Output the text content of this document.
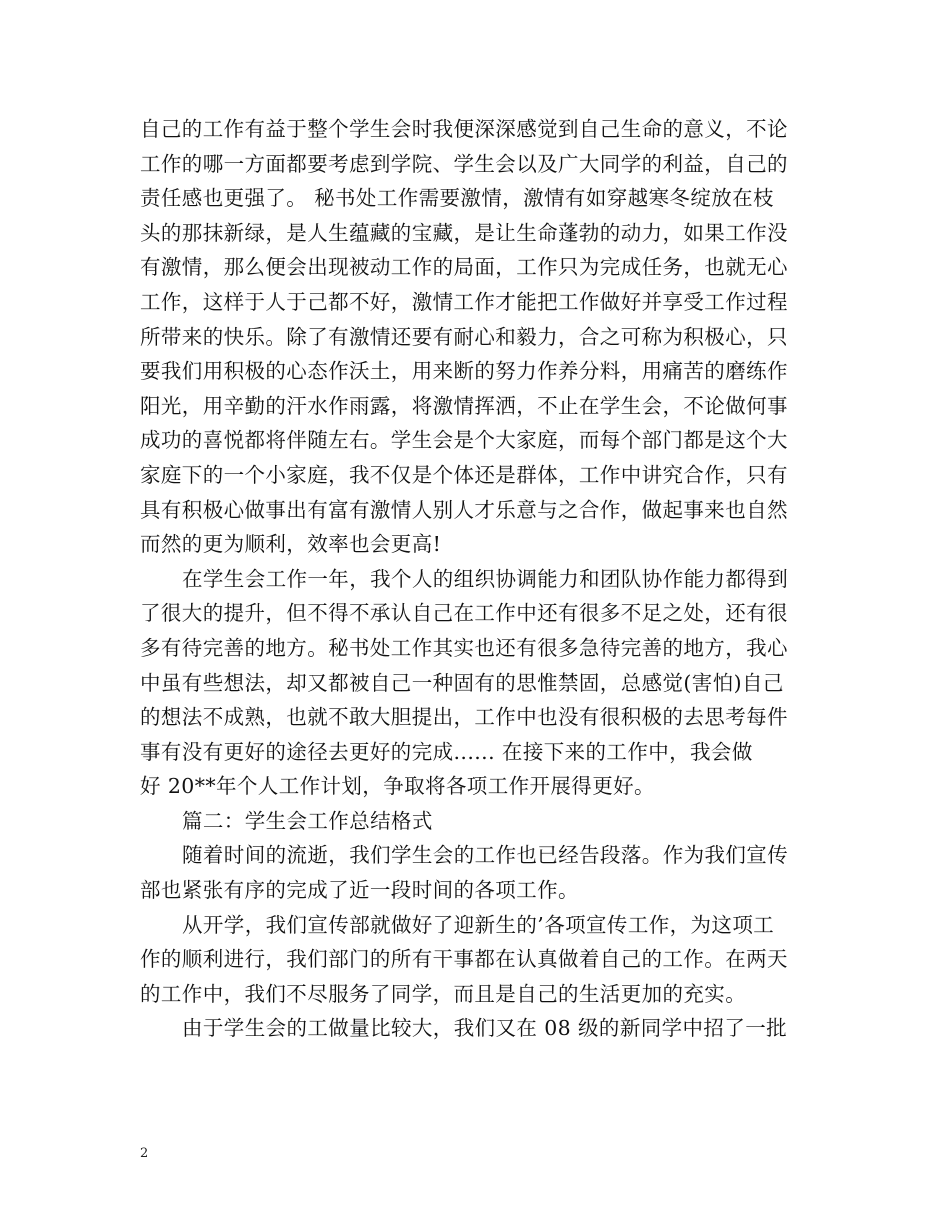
自己的工作有益于整个学生会时我便深深感觉到自己生命的意义，不论
工作的哪一方面都要考虑到学院、学生会以及广大同学的利益，自己的
责任感也更强了。 秘书处工作需要激情，激情有如穿越寒冬绽放在枝
头的那抹新绿，是人生蕴藏的宝藏，是让生命蓬勃的动力，如果工作没
有激情，那么便会出现被动工作的局面，工作只为完成任务，也就无心
工作，这样于人于己都不好，激情工作才能把工作做好并享受工作过程
所带来的快乐。除了有激情还要有耐心和毅力，合之可称为积极心，只
要我们用积极的心态作沃土，用来断的努力作养分料，用痛苦的磨练作
阳光，用辛勤的汗水作雨露，将激情挥洒，不止在学生会，不论做何事
成功的喜悦都将伴随左右。学生会是个大家庭，而每个部门都是这个大
家庭下的一个小家庭，我不仅是个体还是群体，工作中讲究合作，只有
具有积极心做事出有富有激情人别人才乐意与之合作，做起事来也自然
而然的更为顺利，效率也会更高!
在学生会工作一年，我个人的组织协调能力和团队协作能力都得到
了很大的提升，但不得不承认自己在工作中还有很多不足之处，还有很
多有待完善的地方。秘书处工作其实也还有很多急待完善的地方，我心
中虽有些想法，却又都被自己一种固有的思惟禁固，总感觉(害怕)自己
的想法不成熟，也就不敢大胆提出，工作中也没有很积极的去思考每件
事有没有更好的途径去更好的完成...... 在接下来的工作中，我会做
好 20**年个人工作计划，争取将各项工作开展得更好。
篇二：学生会工作总结格式
随着时间的流逝，我们学生会的工作也已经告段落。作为我们宣传
部也紧张有序的完成了近一段时间的各项工作。
从开学，我们宣传部就做好了迎新生的’各项宣传工作，为这项工
作的顺利进行，我们部门的所有干事都在认真做着自己的工作。在两天
的工作中，我们不尽服务了同学，而且是自己的生活更加的充实。
由于学生会的工做量比较大，我们又在 08 级的新同学中招了一批
2
